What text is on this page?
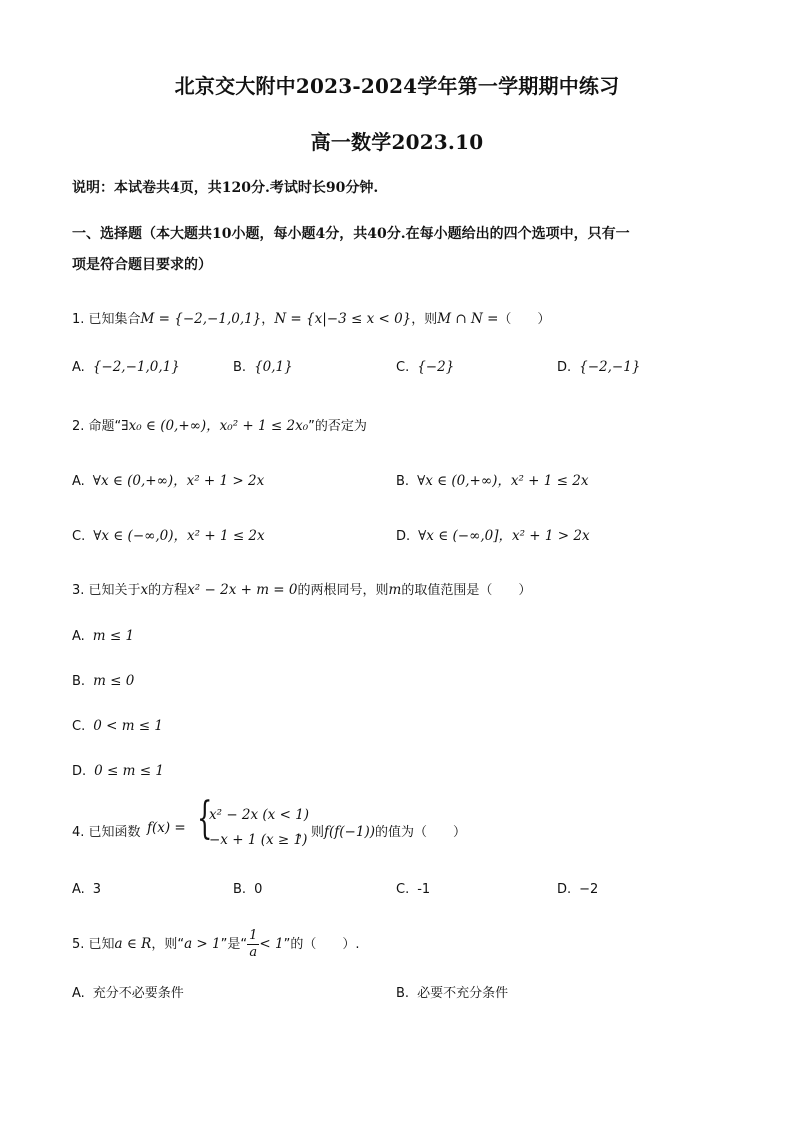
北京交大附中2023-2024学年第一学期期中练习
高一数学2023.10
说明：本试卷共4页，共120分.考试时长90分钟.
一、选择题（本大题共10小题，每小题4分，共40分.在每小题给出的四个选项中，只有一
项是符合题目要求的）
1. 已知集合M = {−2,−1,0,1}，N = {x|−3 ≤ x < 0}，则M ∩ N =（　　）
A. {−2,−1,0,1}	B. {0,1}	C. {−2}	D. {−2,−1}
2. 命题“∃x₀ ∈ (0,+∞)，x₀² + 1 ≤ 2x₀”的否定为
A. ∀x ∈ (0,+∞)，x² + 1 > 2x	B. ∀x ∈ (0,+∞)，x² + 1 ≤ 2x
C. ∀x ∈ (−∞,0)，x² + 1 ≤ 2x	D. ∀x ∈ (−∞,0]，x² + 1 > 2x
3. 已知关于x的方程x² − 2x + m = 0的两根同号，则m的取值范围是（　　）
A. m ≤ 1
B. m ≤ 0
C. 0 < m ≤ 1
D. 0 ≤ m ≤ 1
4. 已知函数 f(x) = {
x² − 2x (x < 1)
−x + 1 (x ≥ 1)
，则f(f(−1))的值为（　　）
A. 3	B. 0	C. -1	D. −2
5. 已知a ∈ R，则“a > 1”是“ $\frac{1}{a} < 1$”的（　　）.
A. 充分不必要条件	B. 必要不充分条件
